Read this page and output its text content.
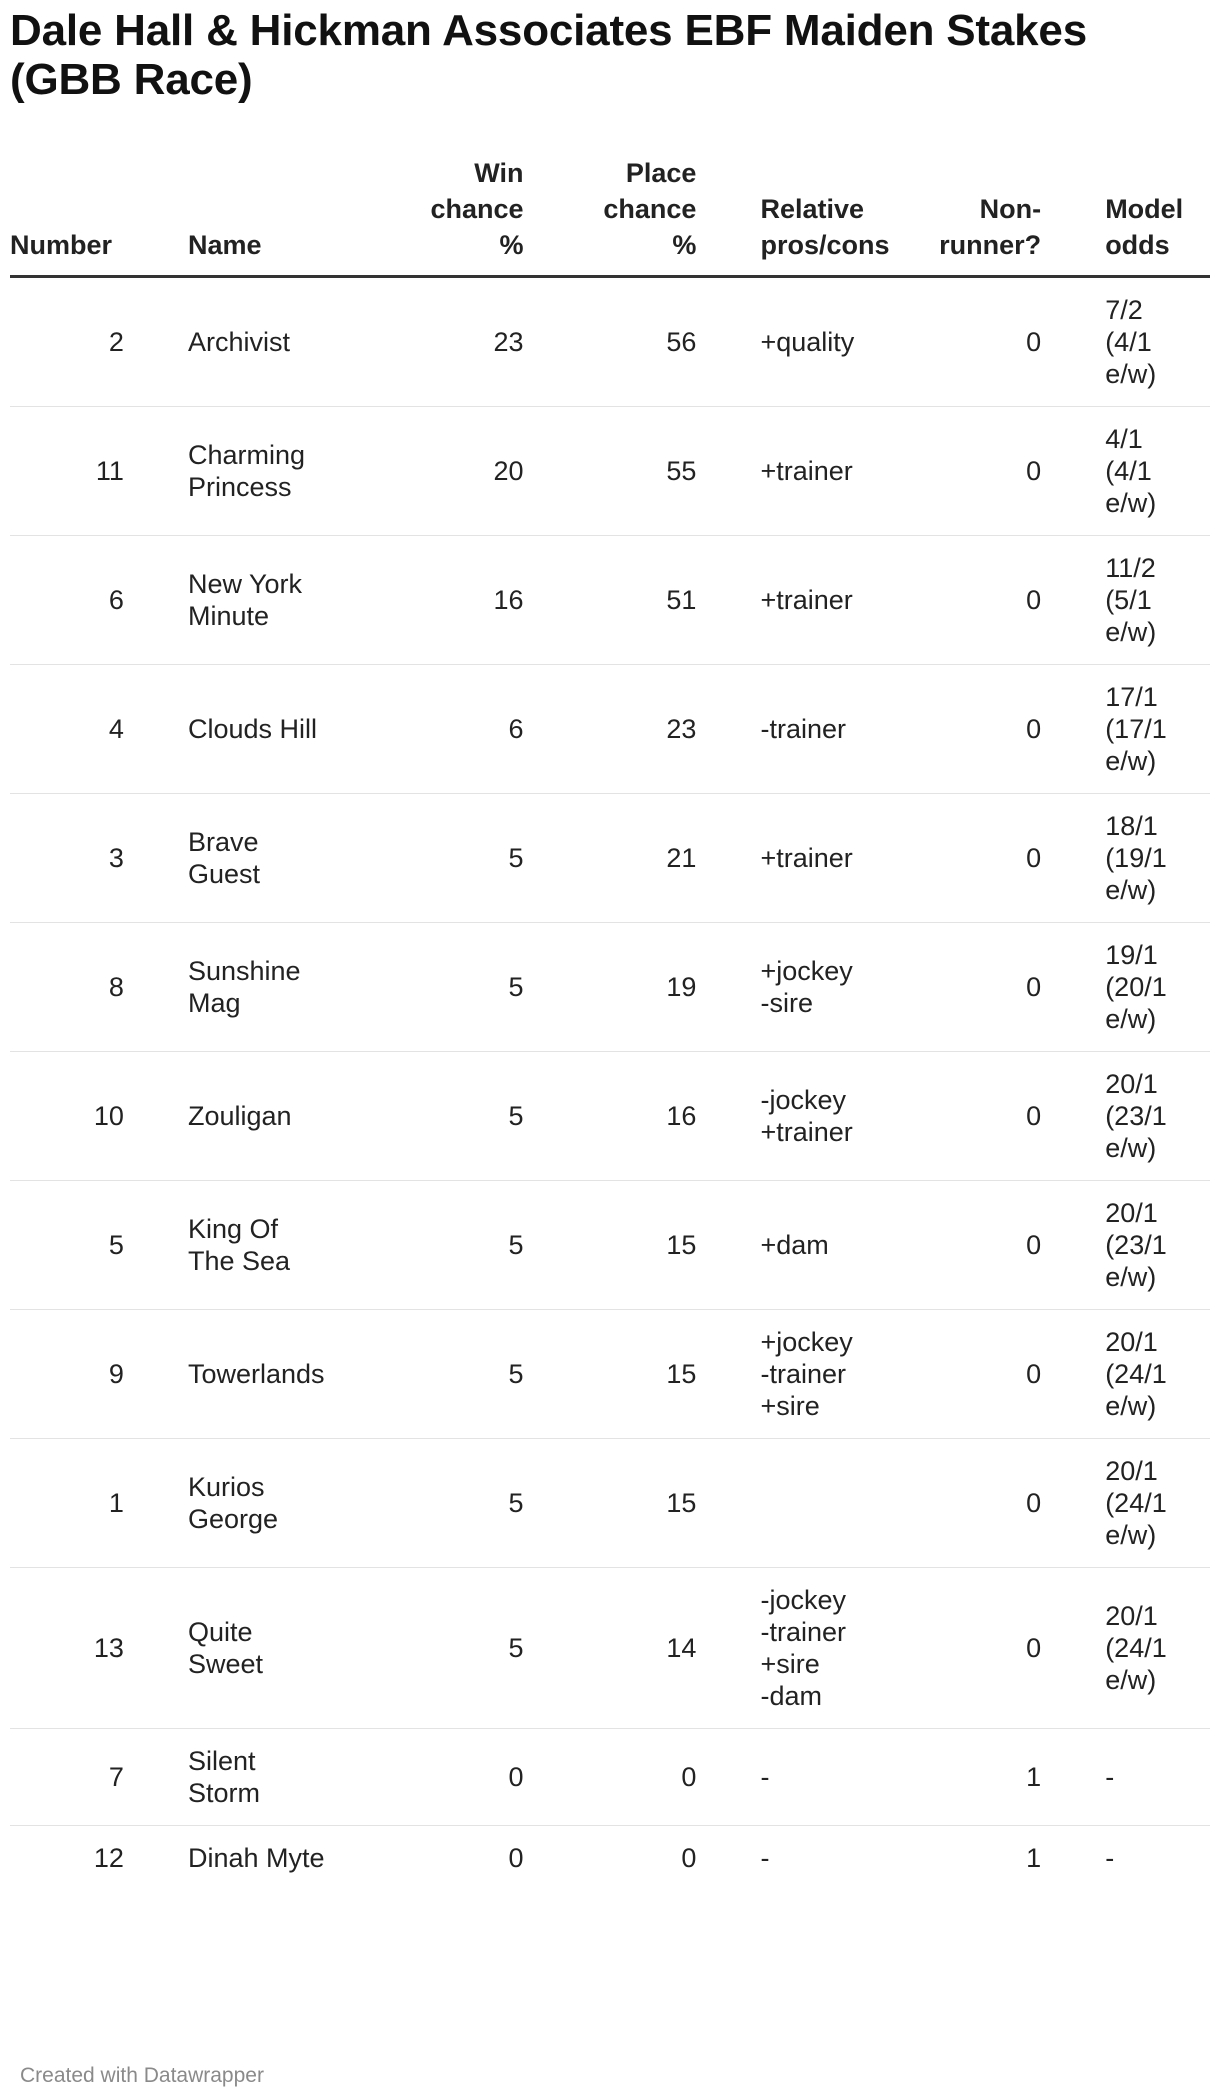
Dale Hall & Hickman Associates EBF Maiden Stakes (GBB Race)
Number		Name	Win
chance
%	Place
chance
%		Relative
pros/cons	Non-
runner?		Model
odds
2		Archivist	23	56		+quality	0		7/2
(4/1
e/w)
11		Charming
Princess	20	55		+trainer	0		4/1
(4/1
e/w)
6		New York
Minute	16	51		+trainer	0		11/2
(5/1
e/w)
4		Clouds Hill	6	23		-trainer	0		17/1
(17/1
e/w)
3		Brave
Guest	5	21		+trainer	0		18/1
(19/1
e/w)
8		Sunshine
Mag	5	19		+jockey
-sire	0		19/1
(20/1
e/w)
10		Zouligan	5	16		-jockey
+trainer	0		20/1
(23/1
e/w)
5		King Of
The Sea	5	15		+dam	0		20/1
(23/1
e/w)
9		Towerlands	5	15		+jockey
-trainer
+sire	0		20/1
(24/1
e/w)
1		Kurios
George	5	15			0		20/1
(24/1
e/w)
13		Quite
Sweet	5	14		-jockey
-trainer
+sire
-dam	0		20/1
(24/1
e/w)
7		Silent
Storm	0	0		-	1		-
12		Dinah Myte	0	0		-	1		-
Created with Datawrapper
